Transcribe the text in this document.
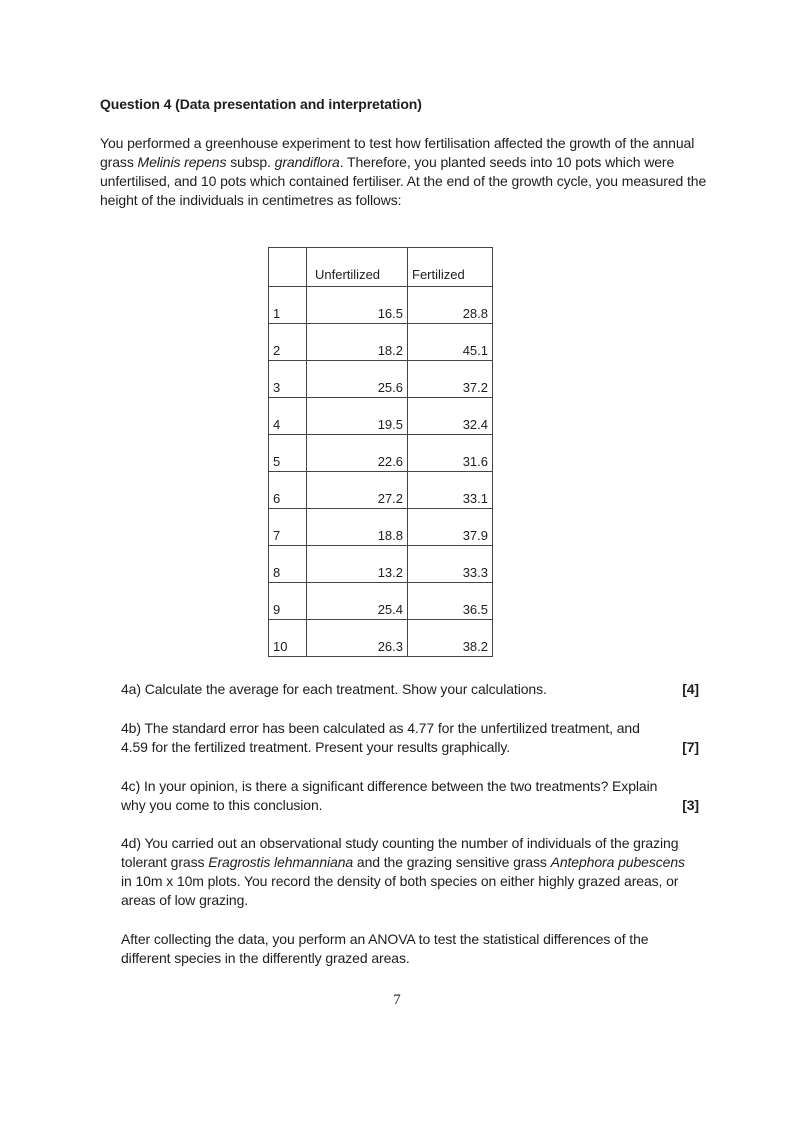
Question 4 (Data presentation and interpretation)
You performed a greenhouse experiment to test how fertilisation affected the growth of the annual grass Melinis repens subsp. grandiflora. Therefore, you planted seeds into 10 pots which were unfertilised, and 10 pots which contained fertiliser. At the end of the growth cycle, you measured the height of the individuals in centimetres as follows:
	Unfertilized	Fertilized
1	16.5	28.8
2	18.2	45.1
3	25.6	37.2
4	19.5	32.4
5	22.6	31.6
6	27.2	33.1
7	18.8	37.9
8	13.2	33.3
9	25.4	36.5
10	26.3	38.2
4a) Calculate the average for each treatment. Show your calculations.	[4]
4b) The standard error has been calculated as 4.77 for the unfertilized treatment, and 4.59 for the fertilized treatment. Present your results graphically.	[7]
4c) In your opinion, is there a significant difference between the two treatments? Explain why you come to this conclusion.	[3]
4d) You carried out an observational study counting the number of individuals of the grazing tolerant grass Eragrostis lehmanniana and the grazing sensitive grass Antephora pubescens in 10m x 10m plots. You record the density of both species on either highly grazed areas, or areas of low grazing.
After collecting the data, you perform an ANOVA to test the statistical differences of the different species in the differently grazed areas.
7
